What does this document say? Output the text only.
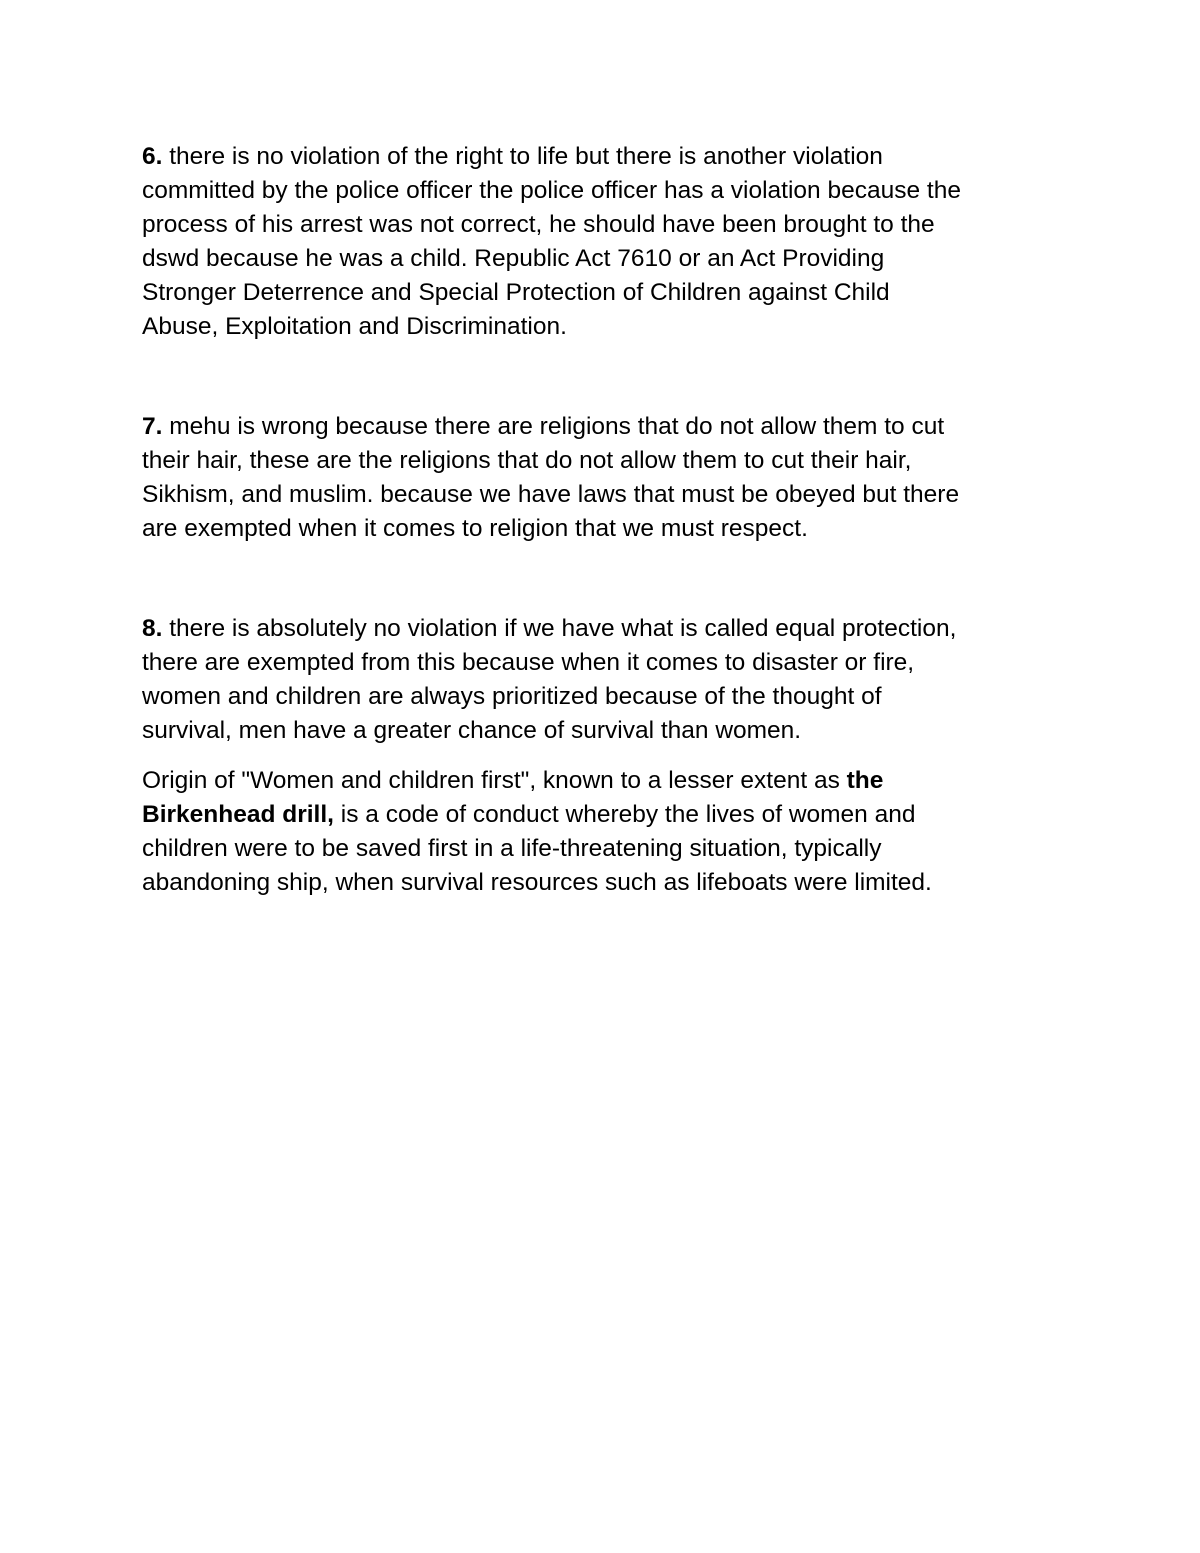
6. there is no violation of the right to life but there is another violation
committed by the police officer the police officer has a violation because the
process of his arrest was not correct, he should have been brought to the
dswd because he was a child. Republic Act 7610 or an Act Providing
Stronger Deterrence and Special Protection of Children against Child
Abuse, Exploitation and Discrimination.
7. mehu is wrong because there are religions that do not allow them to cut
their hair, these are the religions that do not allow them to cut their hair,
Sikhism, and muslim. because we have laws that must be obeyed but there
are exempted when it comes to religion that we must respect.
8. there is absolutely no violation if we have what is called equal protection,
there are exempted from this because when it comes to disaster or fire,
women and children are always prioritized because of the thought of
survival, men have a greater chance of survival than women.
Origin of "Women and children first", known to a lesser extent as the
Birkenhead drill, is a code of conduct whereby the lives of women and
children were to be saved first in a life-threatening situation, typically
abandoning ship, when survival resources such as lifeboats were limited.
